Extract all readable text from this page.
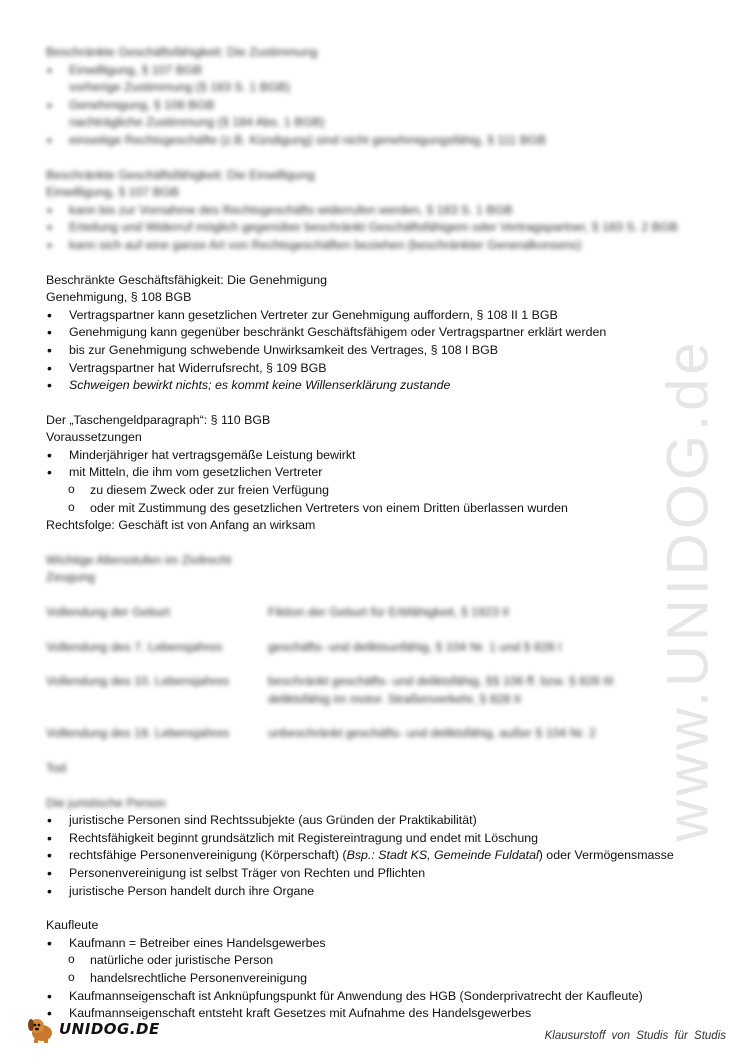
www.UNIDOG.de

Beschränkte Geschäftsfähigkeit: Die Zustimmung

• Einwilligung, § 107 BGB
vorherige Zustimmung (§ 183 S. 1 BGB)
• Genehmigung, § 108 BGB
nachträgliche Zustimmung (§ 184 Abs. 1 BGB)
• einseitige Rechtsgeschäfte (z.B. Kündigung) sind nicht genehmigungsfähig, § 111 BGB

Beschränkte Geschäftsfähigkeit: Die Einwilligung

Einwilligung, § 107 BGB

• kann bis zur Vornahme des Rechtsgeschäfts widerrufen werden, § 183 S. 1 BGB
• Erteilung und Widerruf möglich gegenüber beschränkt Geschäftsfähigem oder Vertragspartner, § 183 S. 2 BGB
• kann sich auf eine ganze Art von Rechtsgeschäften beziehen (beschränkter Generalkonsens)

Beschränkte Geschäftsfähigkeit: Die Genehmigung

Genehmigung, § 108 BGB

• Vertragspartner kann gesetzlichen Vertreter zur Genehmigung auffordern, § 108 II 1 BGB
• Genehmigung kann gegenüber beschränkt Geschäftsfähigem oder Vertragspartner erklärt werden
• bis zur Genehmigung schwebende Unwirksamkeit des Vertrages, § 108 I BGB
• Vertragspartner hat Widerrufsrecht, § 109 BGB
• Schweigen bewirkt nichts; es kommt keine Willenserklärung zustande

Der „Taschengeldparagraph“: § 110 BGB

Voraussetzungen

• Minderjähriger hat vertragsgemäße Leistung bewirkt
• mit Mitteln, die ihm vom gesetzlichen Vertreter
o zu diesem Zweck oder zur freien Verfügung
o oder mit Zustimmung des gesetzlichen Vertreters von einem Dritten überlassen wurden

Rechtsfolge: Geschäft ist von Anfang an wirksam

Wichtige Altersstufen im Zivilrecht

Zeugung

Vollendung der Geburt	Fiktion der Geburt für Erbfähigkeit, § 1923 II
Vollendung des 7. Lebensjahres	geschäfts- und deliktsunfähig, § 104 Nr. 1 und § 828 I
Vollendung des 10. Lebensjahres	beschränkt geschäfts- und deliktsfähig, §§ 106 ff. bzw. § 828 III
deliktsfähig im motor. Straßenverkehr, § 828 II
Vollendung des 18. Lebensjahres	unbeschränkt geschäfts- und deliktsfähig, außer § 104 Nr. 2
Tod

Die juristische Person

• juristische Personen sind Rechtssubjekte (aus Gründen der Praktikabilität)
• Rechtsfähigkeit beginnt grundsätzlich mit Registereintragung und endet mit Löschung
• rechtsfähige Personenvereinigung (Körperschaft) (Bsp.: Stadt KS, Gemeinde Fuldatal) oder Vermögensmasse
• Personenvereinigung ist selbst Träger von Rechten und Pflichten
• juristische Person handelt durch ihre Organe

Kaufleute

• Kaufmann = Betreiber eines Handelsgewerbes
o natürliche oder juristische Person
o handelsrechtliche Personenvereinigung
• Kaufmannseigenschaft ist Anknüpfungspunkt für Anwendung des HGB (Sonderprivatrecht der Kaufleute)
• Kaufmannseigenschaft entsteht kraft Gesetzes mit Aufnahme des Handelsgewerbes
UNIDOG.DE	Klausurstoff von Studis für Studis
